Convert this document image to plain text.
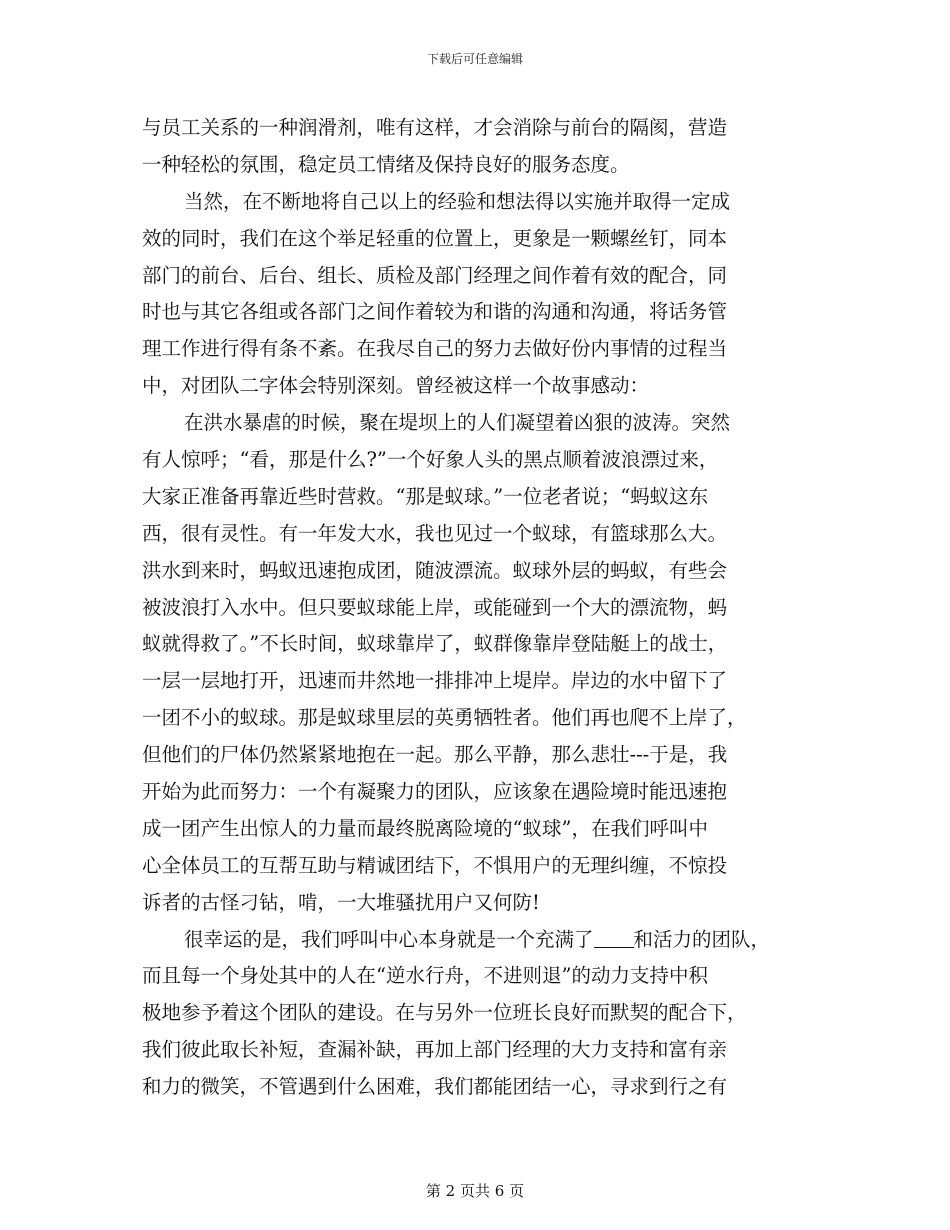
下载后可任意编辑
与员工关系的一种润滑剂，唯有这样，才会消除与前台的隔阂，营造
一种轻松的氛围，稳定员工情绪及保持良好的服务态度。
当然，在不断地将自己以上的经验和想法得以实施并取得一定成
效的同时，我们在这个举足轻重的位置上，更象是一颗螺丝钉，同本
部门的前台、后台、组长、质检及部门经理之间作着有效的配合，同
时也与其它各组或各部门之间作着较为和谐的沟通和沟通，将话务管
理工作进行得有条不紊。在我尽自己的努力去做好份内事情的过程当
中，对团队二字体会特别深刻。曾经被这样一个故事感动：
在洪水暴虐的时候，聚在堤坝上的人们凝望着凶狠的波涛。突然
有人惊呼；“看，那是什么?”一个好象人头的黑点顺着波浪漂过来，
大家正准备再靠近些时营救。“那是蚁球。”一位老者说；“蚂蚁这东
西，很有灵性。有一年发大水，我也见过一个蚁球，有篮球那么大。
洪水到来时，蚂蚁迅速抱成团，随波漂流。蚁球外层的蚂蚁，有些会
被波浪打入水中。但只要蚁球能上岸，或能碰到一个大的漂流物，蚂
蚁就得救了。”不长时间，蚁球靠岸了，蚁群像靠岸登陆艇上的战士，
一层一层地打开，迅速而井然地一排排冲上堤岸。岸边的水中留下了
一团不小的蚁球。那是蚁球里层的英勇牺牲者。他们再也爬不上岸了，
但他们的尸体仍然紧紧地抱在一起。那么平静，那么悲壮---于是，我
开始为此而努力：一个有凝聚力的团队，应该象在遇险境时能迅速抱
成一团产生出惊人的力量而最终脱离险境的“蚁球”，在我们呼叫中
心全体员工的互帮互助与精诚团结下，不惧用户的无理纠缠，不惊投
诉者的古怪刁钻，啃，一大堆骚扰用户又何防!
很幸运的是，我们呼叫中心本身就是一个充满了 和活力的团队，
而且每一个身处其中的人在“逆水行舟，不进则退”的动力支持中积
极地参予着这个团队的建设。在与另外一位班长良好而默契的配合下，
我们彼此取长补短，查漏补缺，再加上部门经理的大力支持和富有亲
和力的微笑，不管遇到什么困难，我们都能团结一心，寻求到行之有
第 2 页共 6 页
